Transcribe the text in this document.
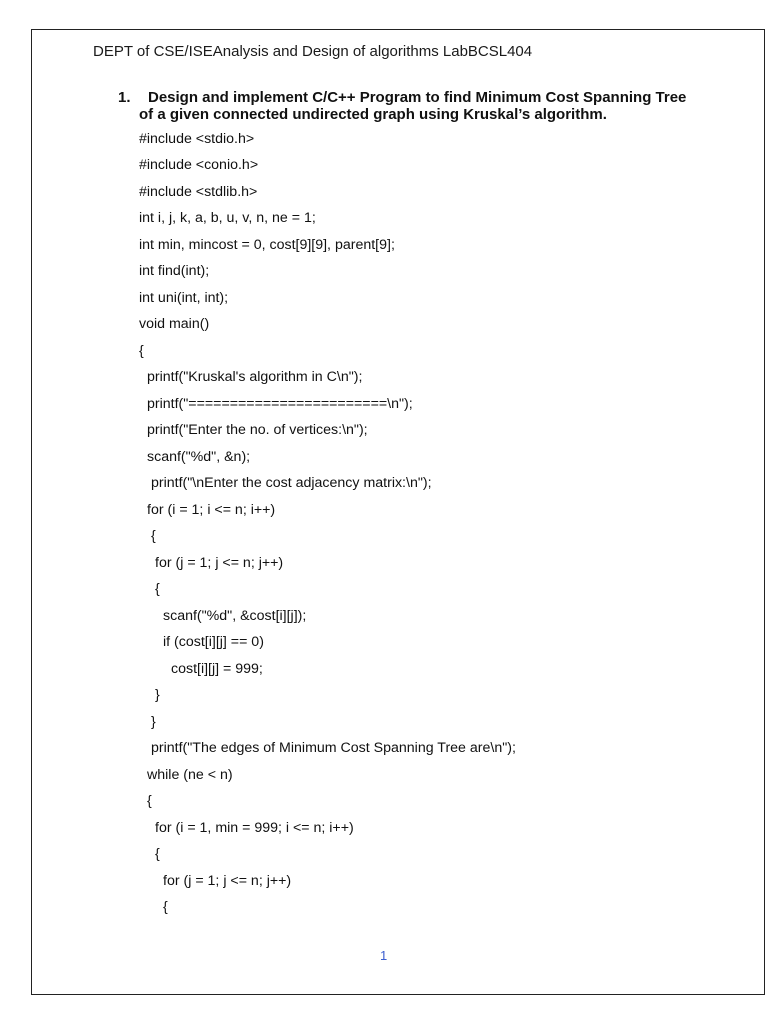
DEPT of CSE/ISEAnalysis and Design of algorithms LabBCSL404
1. Design and implement C/C++ Program to find Minimum Cost Spanning Tree
of a given connected undirected graph using Kruskal’s algorithm.
#include <stdio.h>
#include <conio.h>
#include <stdlib.h>
int i, j, k, a, b, u, v, n, ne = 1;
int min, mincost = 0, cost[9][9], parent[9];
int find(int);
int uni(int, int);
void main()
{
printf("Kruskal's algorithm in C\n");
printf("========================\n");
printf("Enter the no. of vertices:\n");
scanf("%d", &n);
printf("\nEnter the cost adjacency matrix:\n");
for (i = 1; i <= n; i++)
{
for (j = 1; j <= n; j++)
{
scanf("%d", &cost[i][j]);
if (cost[i][j] == 0)
cost[i][j] = 999;
}
}
printf("The edges of Minimum Cost Spanning Tree are\n");
while (ne < n)
{
for (i = 1, min = 999; i <= n; i++)
{
for (j = 1; j <= n; j++)
{
1
